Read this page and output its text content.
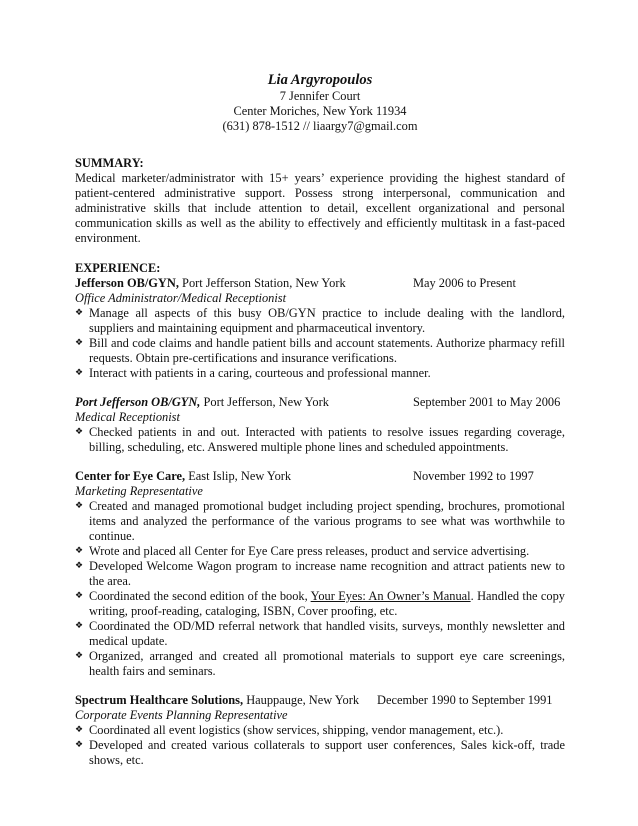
Lia Argyropoulos
7 Jennifer Court
Center Moriches, New York 11934
(631) 878-1512 // liaargy7@gmail.com
SUMMARY:
Medical marketer/administrator with 15+ years’ experience providing the highest standard of patient-centered administrative support. Possess strong interpersonal, communication and administrative skills that include attention to detail, excellent organizational and personal communication skills as well as the ability to effectively and efficiently multitask in a fast-paced environment.
EXPERIENCE:
Jefferson OB/GYN, Port Jefferson Station, New York	May 2006 to Present
Office Administrator/Medical Receptionist
❖ Manage all aspects of this busy OB/GYN practice to include dealing with the landlord, suppliers and maintaining equipment and pharmaceutical inventory.
❖ Bill and code claims and handle patient bills and account statements. Authorize pharmacy refill requests. Obtain pre-certifications and insurance verifications.
❖ Interact with patients in a caring, courteous and professional manner.
Port Jefferson OB/GYN, Port Jefferson, New York	September 2001 to May 2006
Medical Receptionist
❖ Checked patients in and out. Interacted with patients to resolve issues regarding coverage, billing, scheduling, etc. Answered multiple phone lines and scheduled appointments.
Center for Eye Care, East Islip, New York	November 1992 to 1997
Marketing Representative
❖ Created and managed promotional budget including project spending, brochures, promotional items and analyzed the performance of the various programs to see what was worthwhile to continue.
❖ Wrote and placed all Center for Eye Care press releases, product and service advertising.
❖ Developed Welcome Wagon program to increase name recognition and attract patients new to the area.
❖ Coordinated the second edition of the book, Your Eyes: An Owner’s Manual. Handled the copy writing, proof-reading, cataloging, ISBN, Cover proofing, etc.
❖ Coordinated the OD/MD referral network that handled visits, surveys, monthly newsletter and medical update.
❖ Organized, arranged and created all promotional materials to support eye care screenings, health fairs and seminars.
Spectrum Healthcare Solutions, Hauppauge, New York December 1990 to September 1991
Corporate Events Planning Representative
❖ Coordinated all event logistics (show services, shipping, vendor management, etc.).
❖ Developed and created various collaterals to support user conferences, Sales kick-off, trade shows, etc.
